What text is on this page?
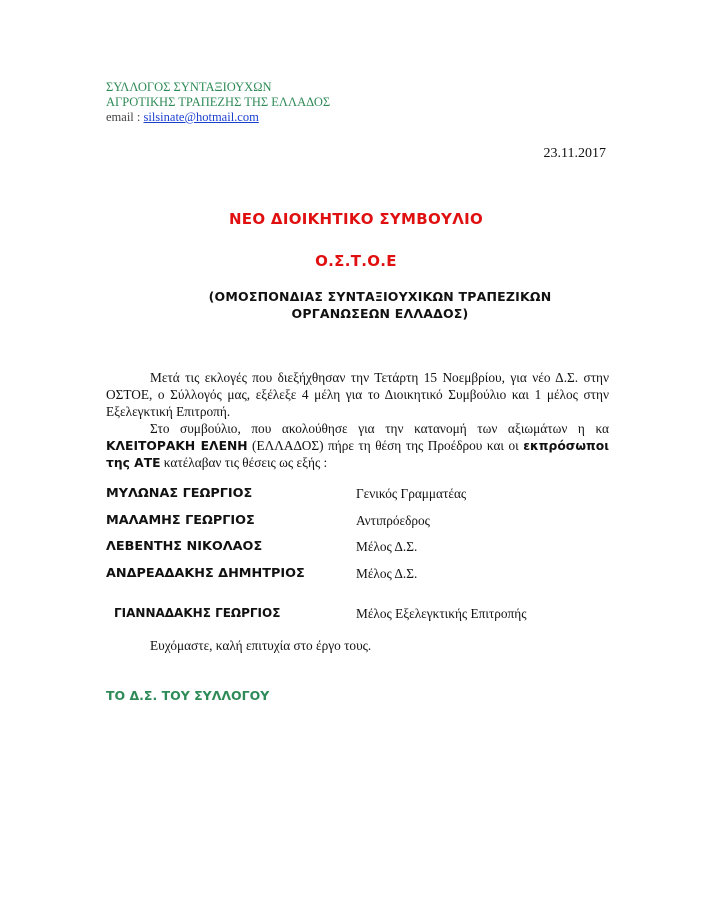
ΣΥΛΛΟΓΟΣ ΣΥΝΤΑΞΙΟΥΧΩΝ
ΑΓΡΟΤΙΚΗΣ ΤΡΑΠΕΖΗΣ ΤΗΣ ΕΛΛΑΔΟΣ
email : silsinate@hotmail.com
23.11.2017
ΝΕΟ ΔΙΟΙΚΗΤΙΚΟ ΣΥΜΒΟΥΛΙΟ
Ο.Σ.Τ.Ο.Ε
(ΟΜΟΣΠΟΝΔΙΑΣ ΣΥΝΤΑΞΙΟΥΧΙΚΩΝ ΤΡΑΠΕΖΙΚΩΝ
ΟΡΓΑΝΩΣΕΩΝ ΕΛΛΑΔΟΣ)

Μετά τις εκλογές που διεξήχθησαν την Τετάρτη 15 Νοεμβρίου, για νέο Δ.Σ. στην ΟΣΤΟΕ, ο Σύλλογός μας, εξέλεξε 4 μέλη για το Διοικητικό Συμβούλιο και 1 μέλος στην Εξελεγκτική Επιτροπή.

Στο συμβούλιο, που ακολούθησε για την κατανομή των αξιωμάτων η κα ΚΛΕΙΤΟΡΑΚΗ ΕΛΕΝΗ (ΕΛΛΑΔΟΣ) πήρε τη θέση της Προέδρου και οι εκπρόσωποι της ΑΤΕ κατέλαβαν τις θέσεις ως εξής :

ΜΥΛΩΝΑΣ ΓΕΩΡΓΙΟΣ	Γενικός Γραμματέας
ΜΑΛΑΜΗΣ ΓΕΩΡΓΙΟΣ	Αντιπρόεδρος
ΛΕΒΕΝΤΗΣ ΝΙΚΟΛΑΟΣ	Μέλος Δ.Σ.
ΑΝΔΡΕΑΔΑΚΗΣ ΔΗΜΗΤΡΙΟΣ	Μέλος Δ.Σ.
ΓΙΑΝΝΑΔΑΚΗΣ ΓΕΩΡΓΙΟΣ	Μέλος Εξελεγκτικής Επιτροπής
Ευχόμαστε, καλή επιτυχία στο έργο τους.
ΤΟ Δ.Σ. ΤΟΥ ΣΥΛΛΟΓΟΥ
